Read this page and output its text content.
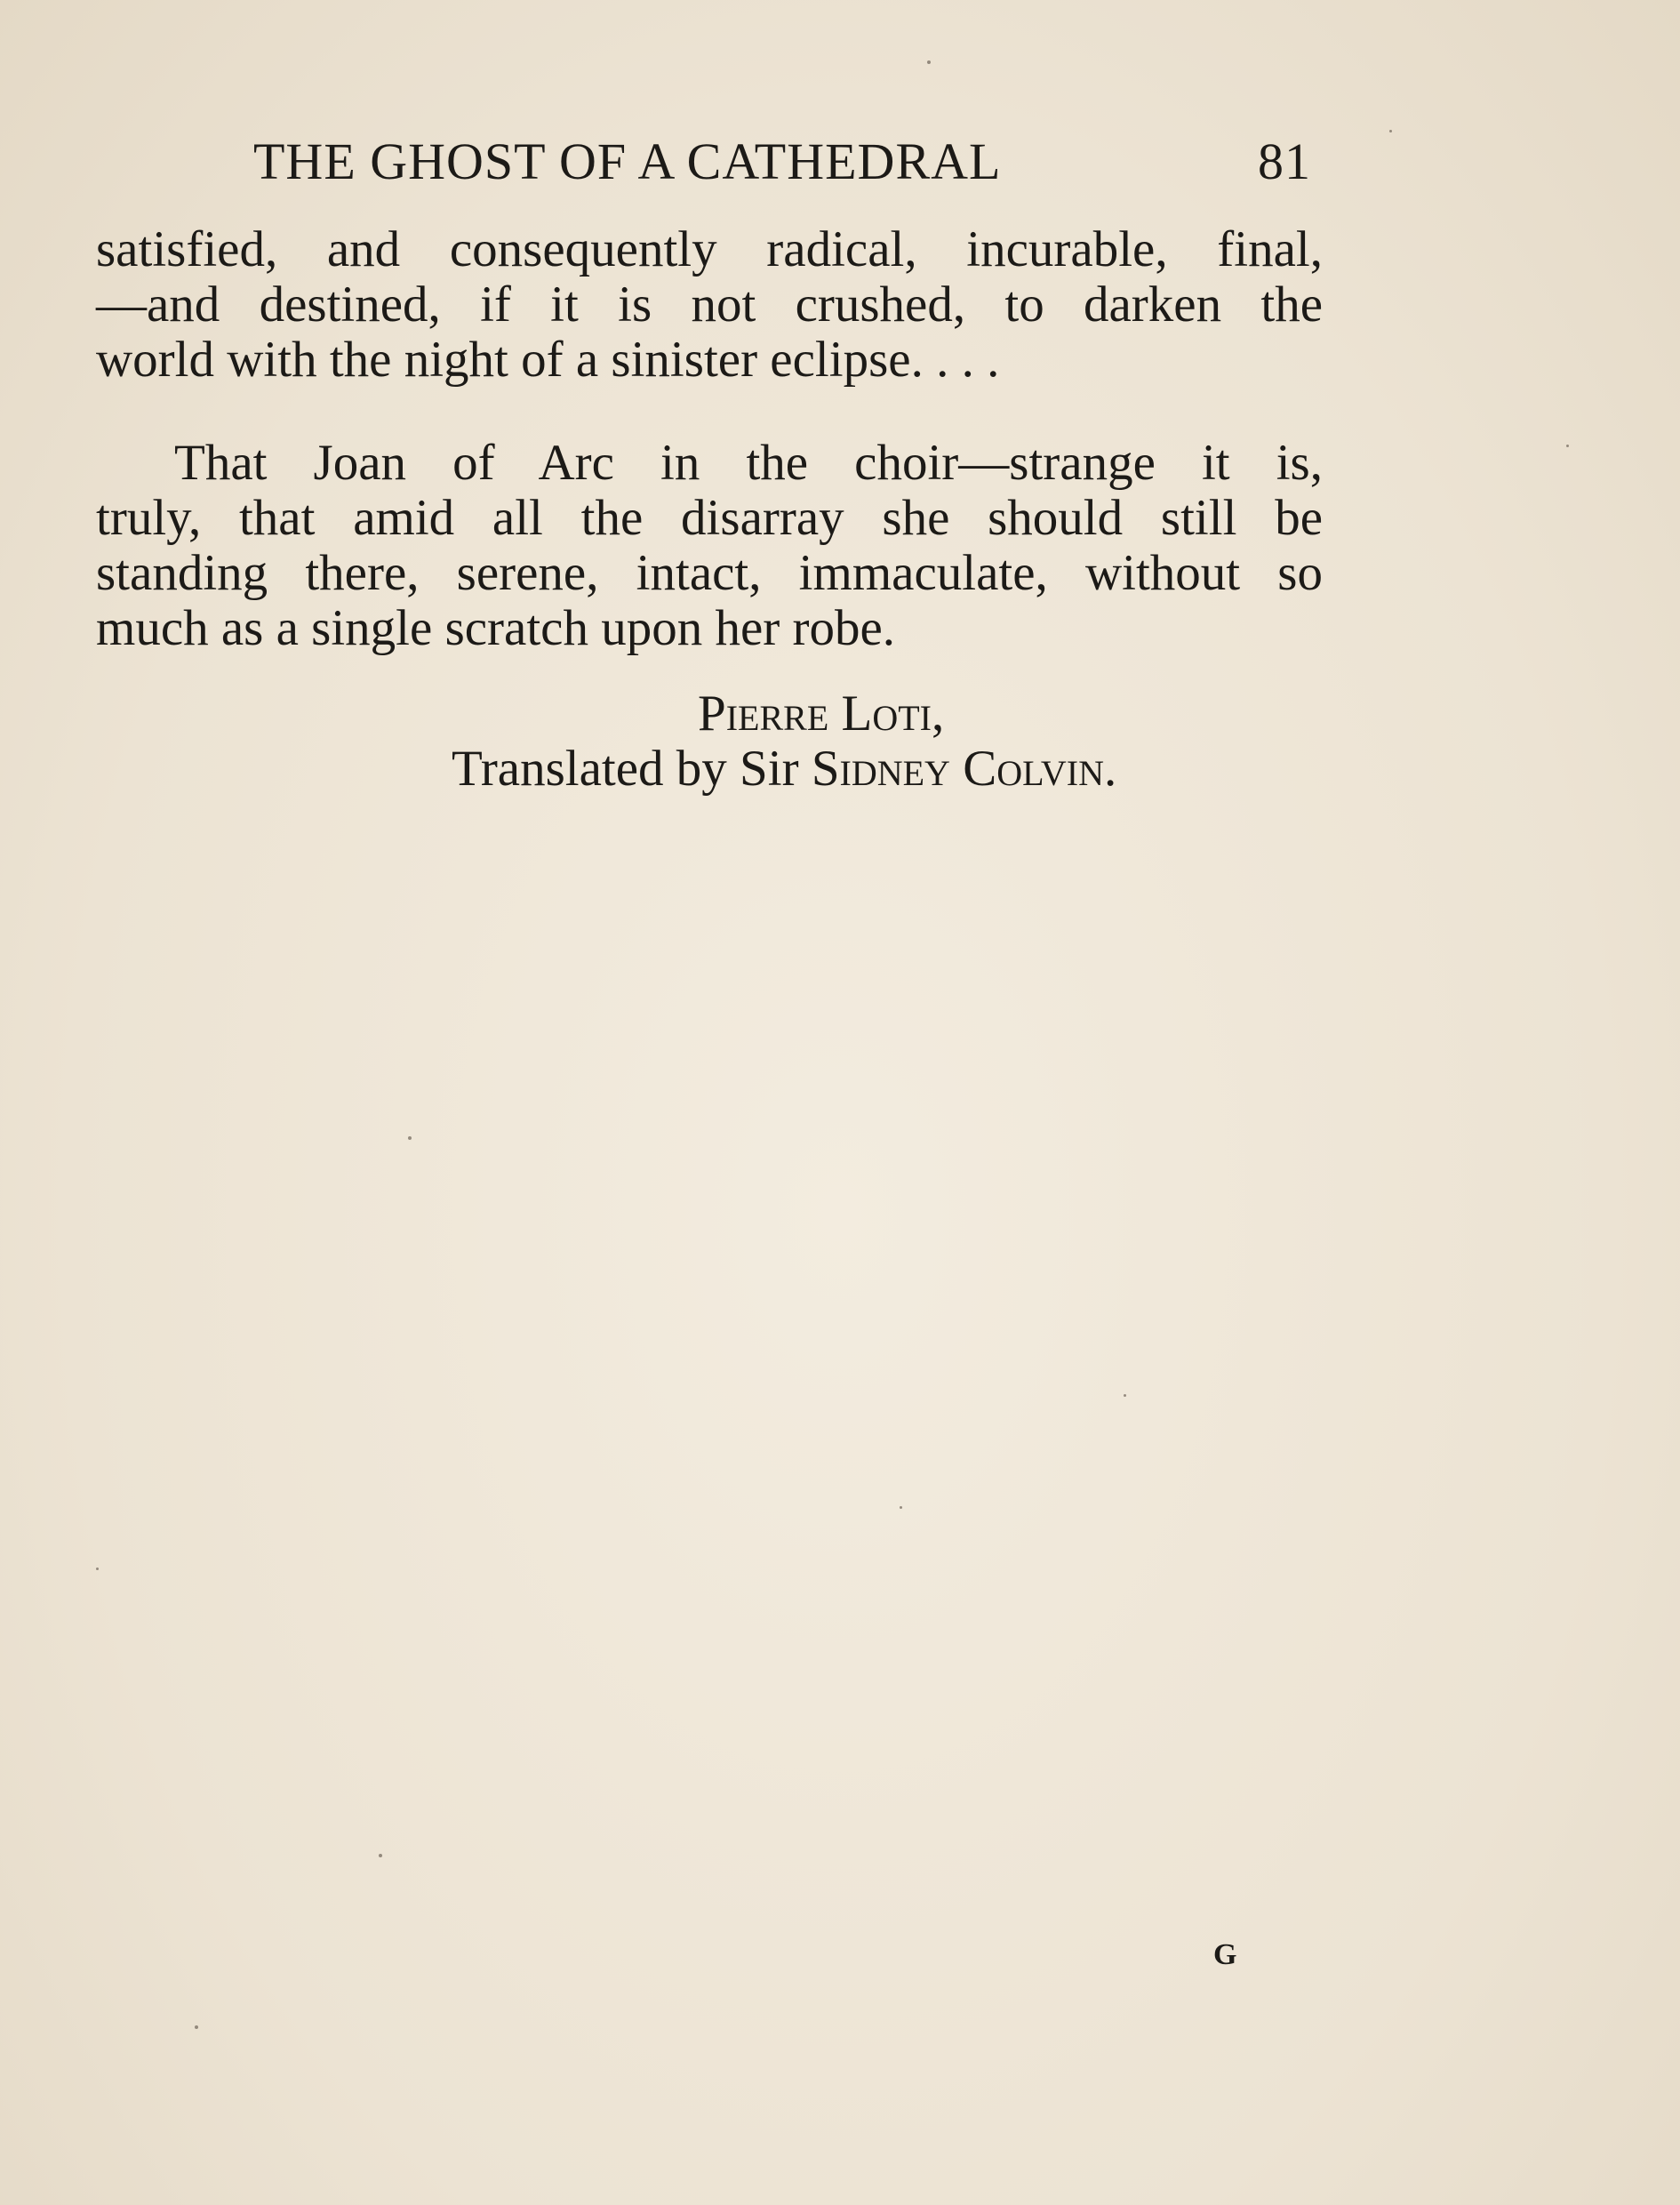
THE GHOST OF A CATHEDRAL	81
satisfied, and consequently radical, incurable, final,
—and destined, if it is not crushed, to darken the
world with the night of a sinister eclipse. . . .
That Joan of Arc in the choir—strange it is,
truly, that amid all the disarray she should still be
standing there, serene, intact, immaculate, without so
much as a single scratch upon her robe.
Pierre Loti,
Translated by Sir Sidney Colvin.
G
